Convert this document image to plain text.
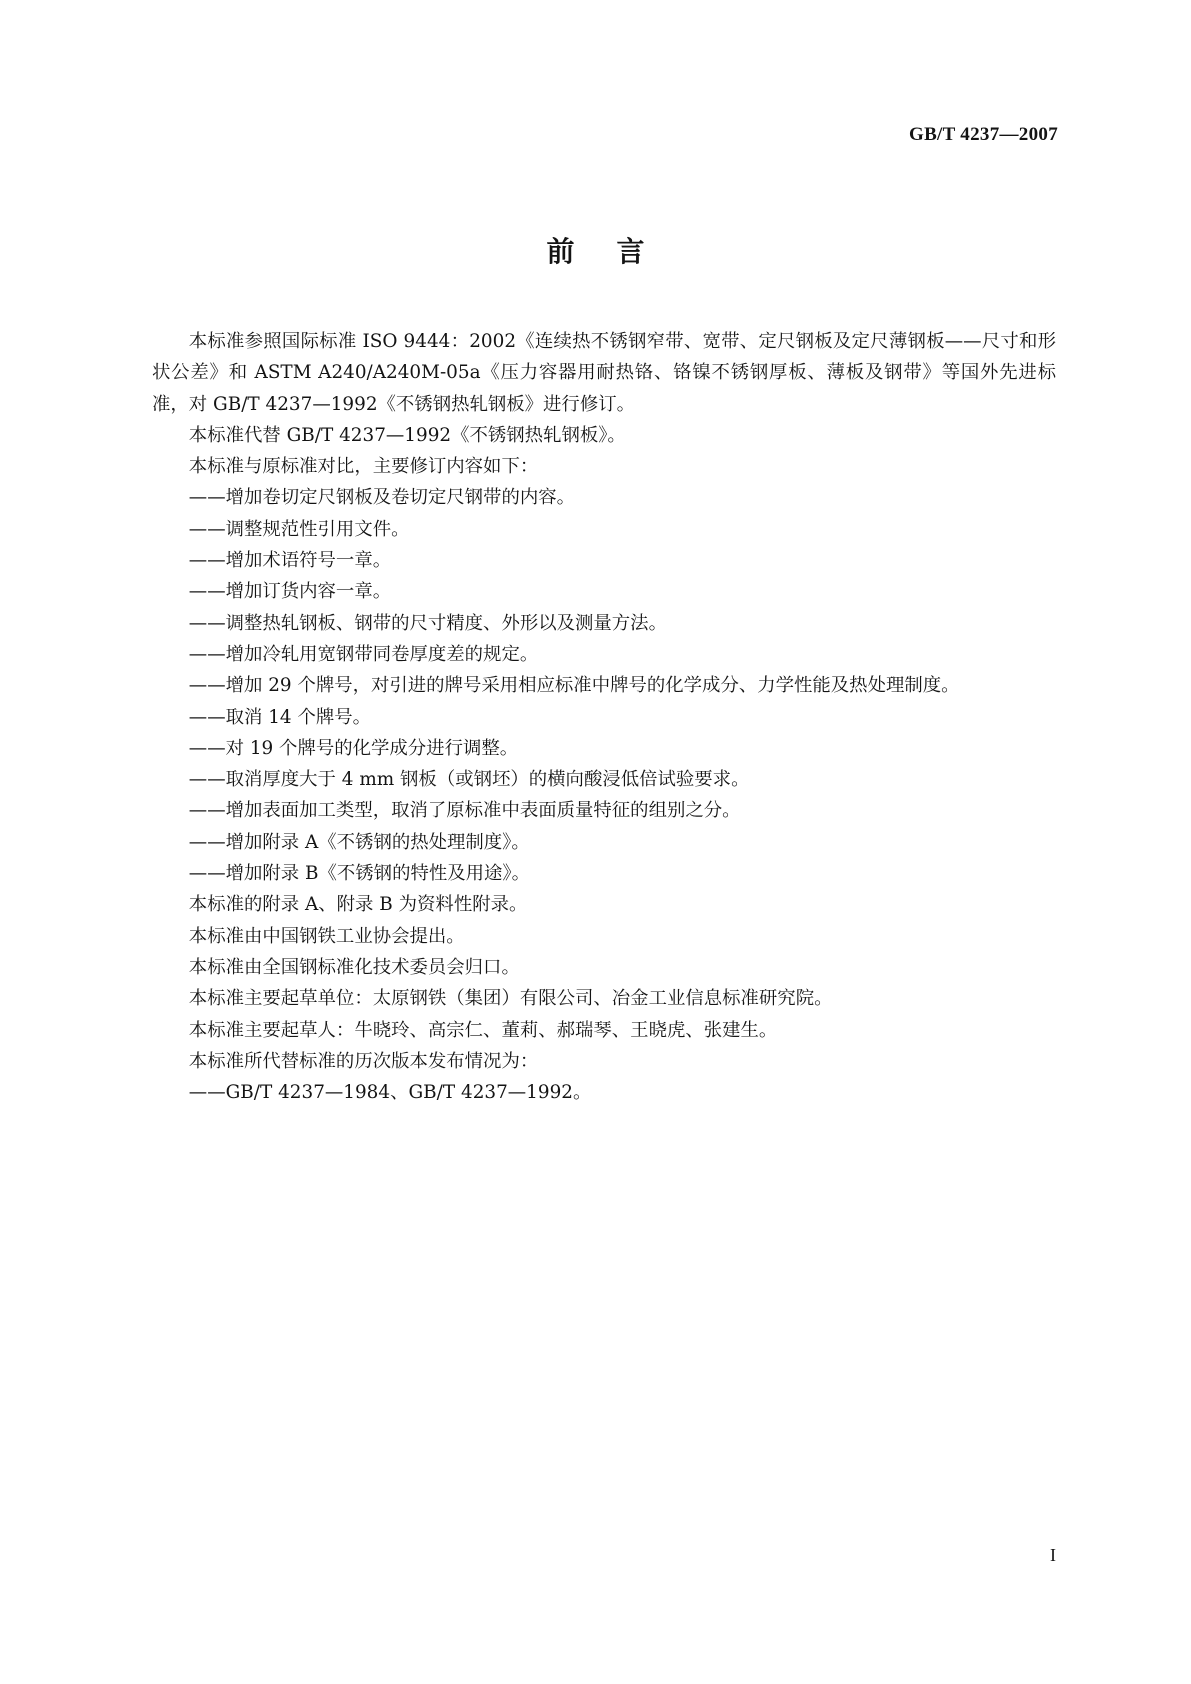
GB/T 4237—2007
前言

本标准参照国际标准 ISO 9444：2002《连续热不锈钢窄带、宽带、定尺钢板及定尺薄钢板——尺寸和形状公差》和 ASTM A240/A240M-05a《压力容器用耐热铬、铬镍不锈钢厚板、薄板及钢带》等国外先进标准，对 GB/T 4237—1992《不锈钢热轧钢板》进行修订。

本标准代替 GB/T 4237—1992《不锈钢热轧钢板》。

本标准与原标准对比，主要修订内容如下：

——增加卷切定尺钢板及卷切定尺钢带的内容。

——调整规范性引用文件。

——增加术语符号一章。

——增加订货内容一章。

——调整热轧钢板、钢带的尺寸精度、外形以及测量方法。

——增加冷轧用宽钢带同卷厚度差的规定。

——增加 29 个牌号，对引进的牌号采用相应标准中牌号的化学成分、力学性能及热处理制度。

——取消 14 个牌号。

——对 19 个牌号的化学成分进行调整。

——取消厚度大于 4 mm 钢板（或钢坯）的横向酸浸低倍试验要求。

——增加表面加工类型，取消了原标准中表面质量特征的组别之分。

——增加附录 A《不锈钢的热处理制度》。

——增加附录 B《不锈钢的特性及用途》。

本标准的附录 A、附录 B 为资料性附录。

本标准由中国钢铁工业协会提出。

本标准由全国钢标准化技术委员会归口。

本标准主要起草单位：太原钢铁（集团）有限公司、冶金工业信息标准研究院。

本标准主要起草人：牛晓玲、高宗仁、董莉、郝瑞琴、王晓虎、张建生。

本标准所代替标准的历次版本发布情况为：

——GB/T 4237—1984、GB/T 4237—1992。

I
